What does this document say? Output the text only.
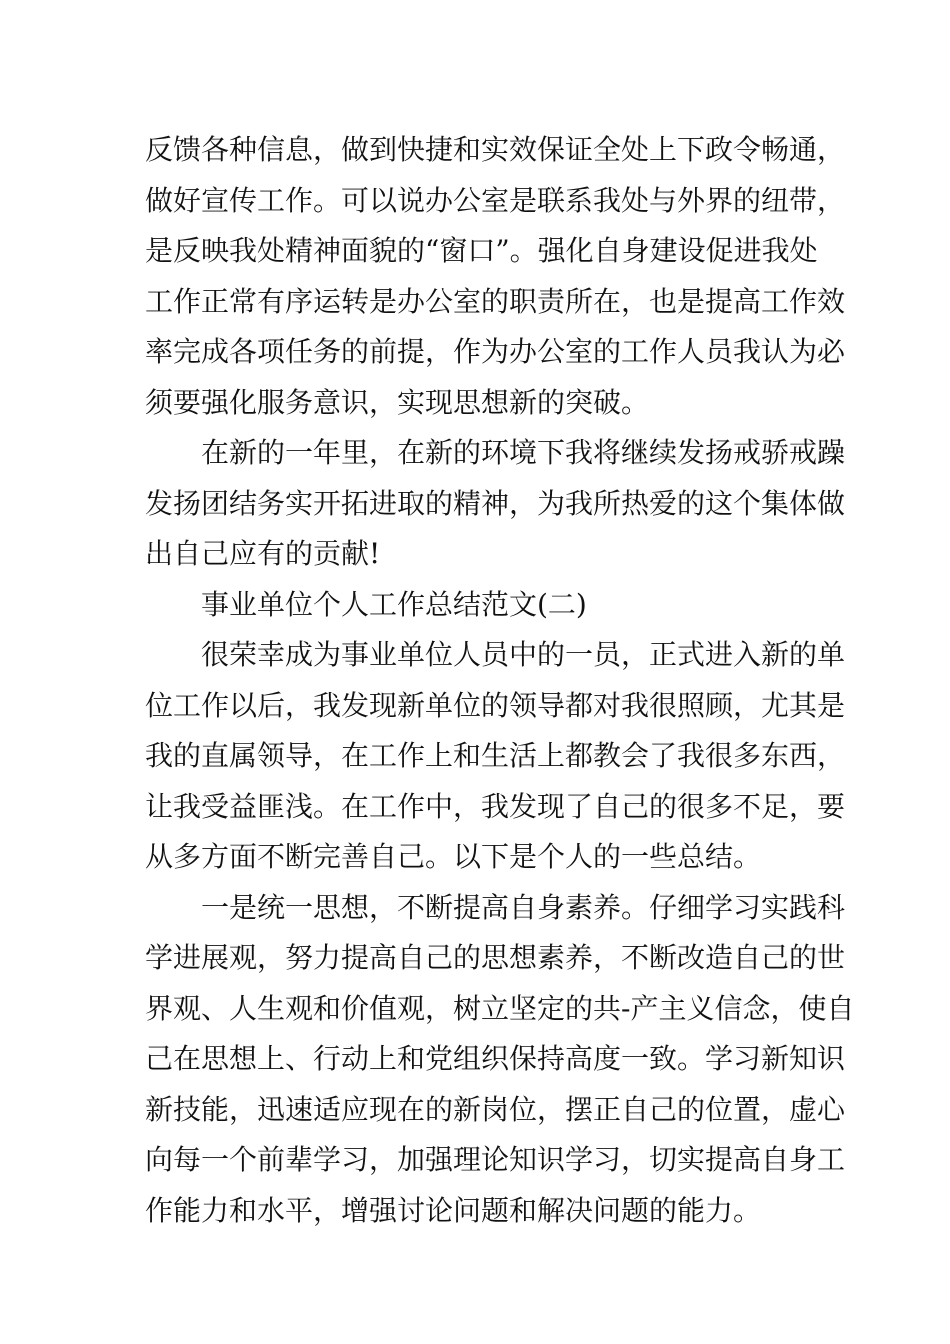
反馈各种信息，做到快捷和实效保证全处上下政令畅通，
做好宣传工作。可以说办公室是联系我处与外界的纽带，
是反映我处精神面貌的“窗口”。强化自身建设促进我处
工作正常有序运转是办公室的职责所在，也是提高工作效
率完成各项任务的前提，作为办公室的工作人员我认为必
须要强化服务意识，实现思想新的突破。
在新的一年里，在新的环境下我将继续发扬戒骄戒躁
发扬团结务实开拓进取的精神，为我所热爱的这个集体做
出自己应有的贡献!
事业单位个人工作总结范文(二)
很荣幸成为事业单位人员中的一员，正式进入新的单
位工作以后，我发现新单位的领导都对我很照顾，尤其是
我的直属领导，在工作上和生活上都教会了我很多东西，
让我受益匪浅。在工作中，我发现了自己的很多不足，要
从多方面不断完善自己。以下是个人的一些总结。
一是统一思想，不断提高自身素养。仔细学习实践科
学进展观，努力提高自己的思想素养，不断改造自己的世
界观、人生观和价值观，树立坚定的共-产主义信念，使自
己在思想上、行动上和党组织保持高度一致。学习新知识
新技能，迅速适应现在的新岗位，摆正自己的位置，虚心
向每一个前辈学习，加强理论知识学习，切实提高自身工
作能力和水平，增强讨论问题和解决问题的能力。
